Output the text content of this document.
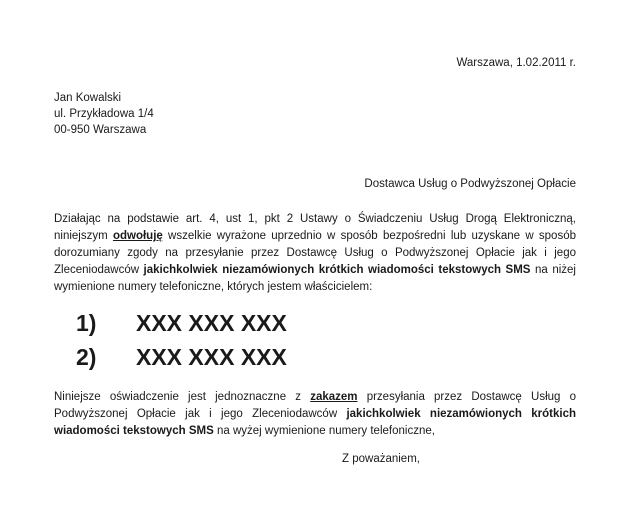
Warszawa, 1.02.2011 r.
Jan Kowalski
ul. Przykładowa 1/4
00-950 Warszawa
Dostawca Usług o Podwyższonej Opłacie
Działając na podstawie art. 4, ust 1, pkt 2 Ustawy o Świadczeniu Usług Drogą Elektroniczną, niniejszym odwołuję wszelkie wyrażone uprzednio w sposób bezpośredni lub uzyskane w sposób dorozumiany zgody na przesyłanie przez Dostawcę Usług o Podwyższonej Opłacie jak i jego Zleceniodawców jakichkolwiek niezamówionych krótkich wiadomości tekstowych SMS na niżej wymienione numery telefoniczne, których jestem właścicielem:
1)	XXX XXX XXX
2)	XXX XXX XXX
Niniejsze oświadczenie jest jednoznaczne z zakazem przesyłania przez Dostawcę Usług o Podwyższonej Opłacie jak i jego Zleceniodawców jakichkolwiek niezamówionych krótkich wiadomości tekstowych SMS na wyżej wymienione numery telefoniczne,
Z poważaniem,
